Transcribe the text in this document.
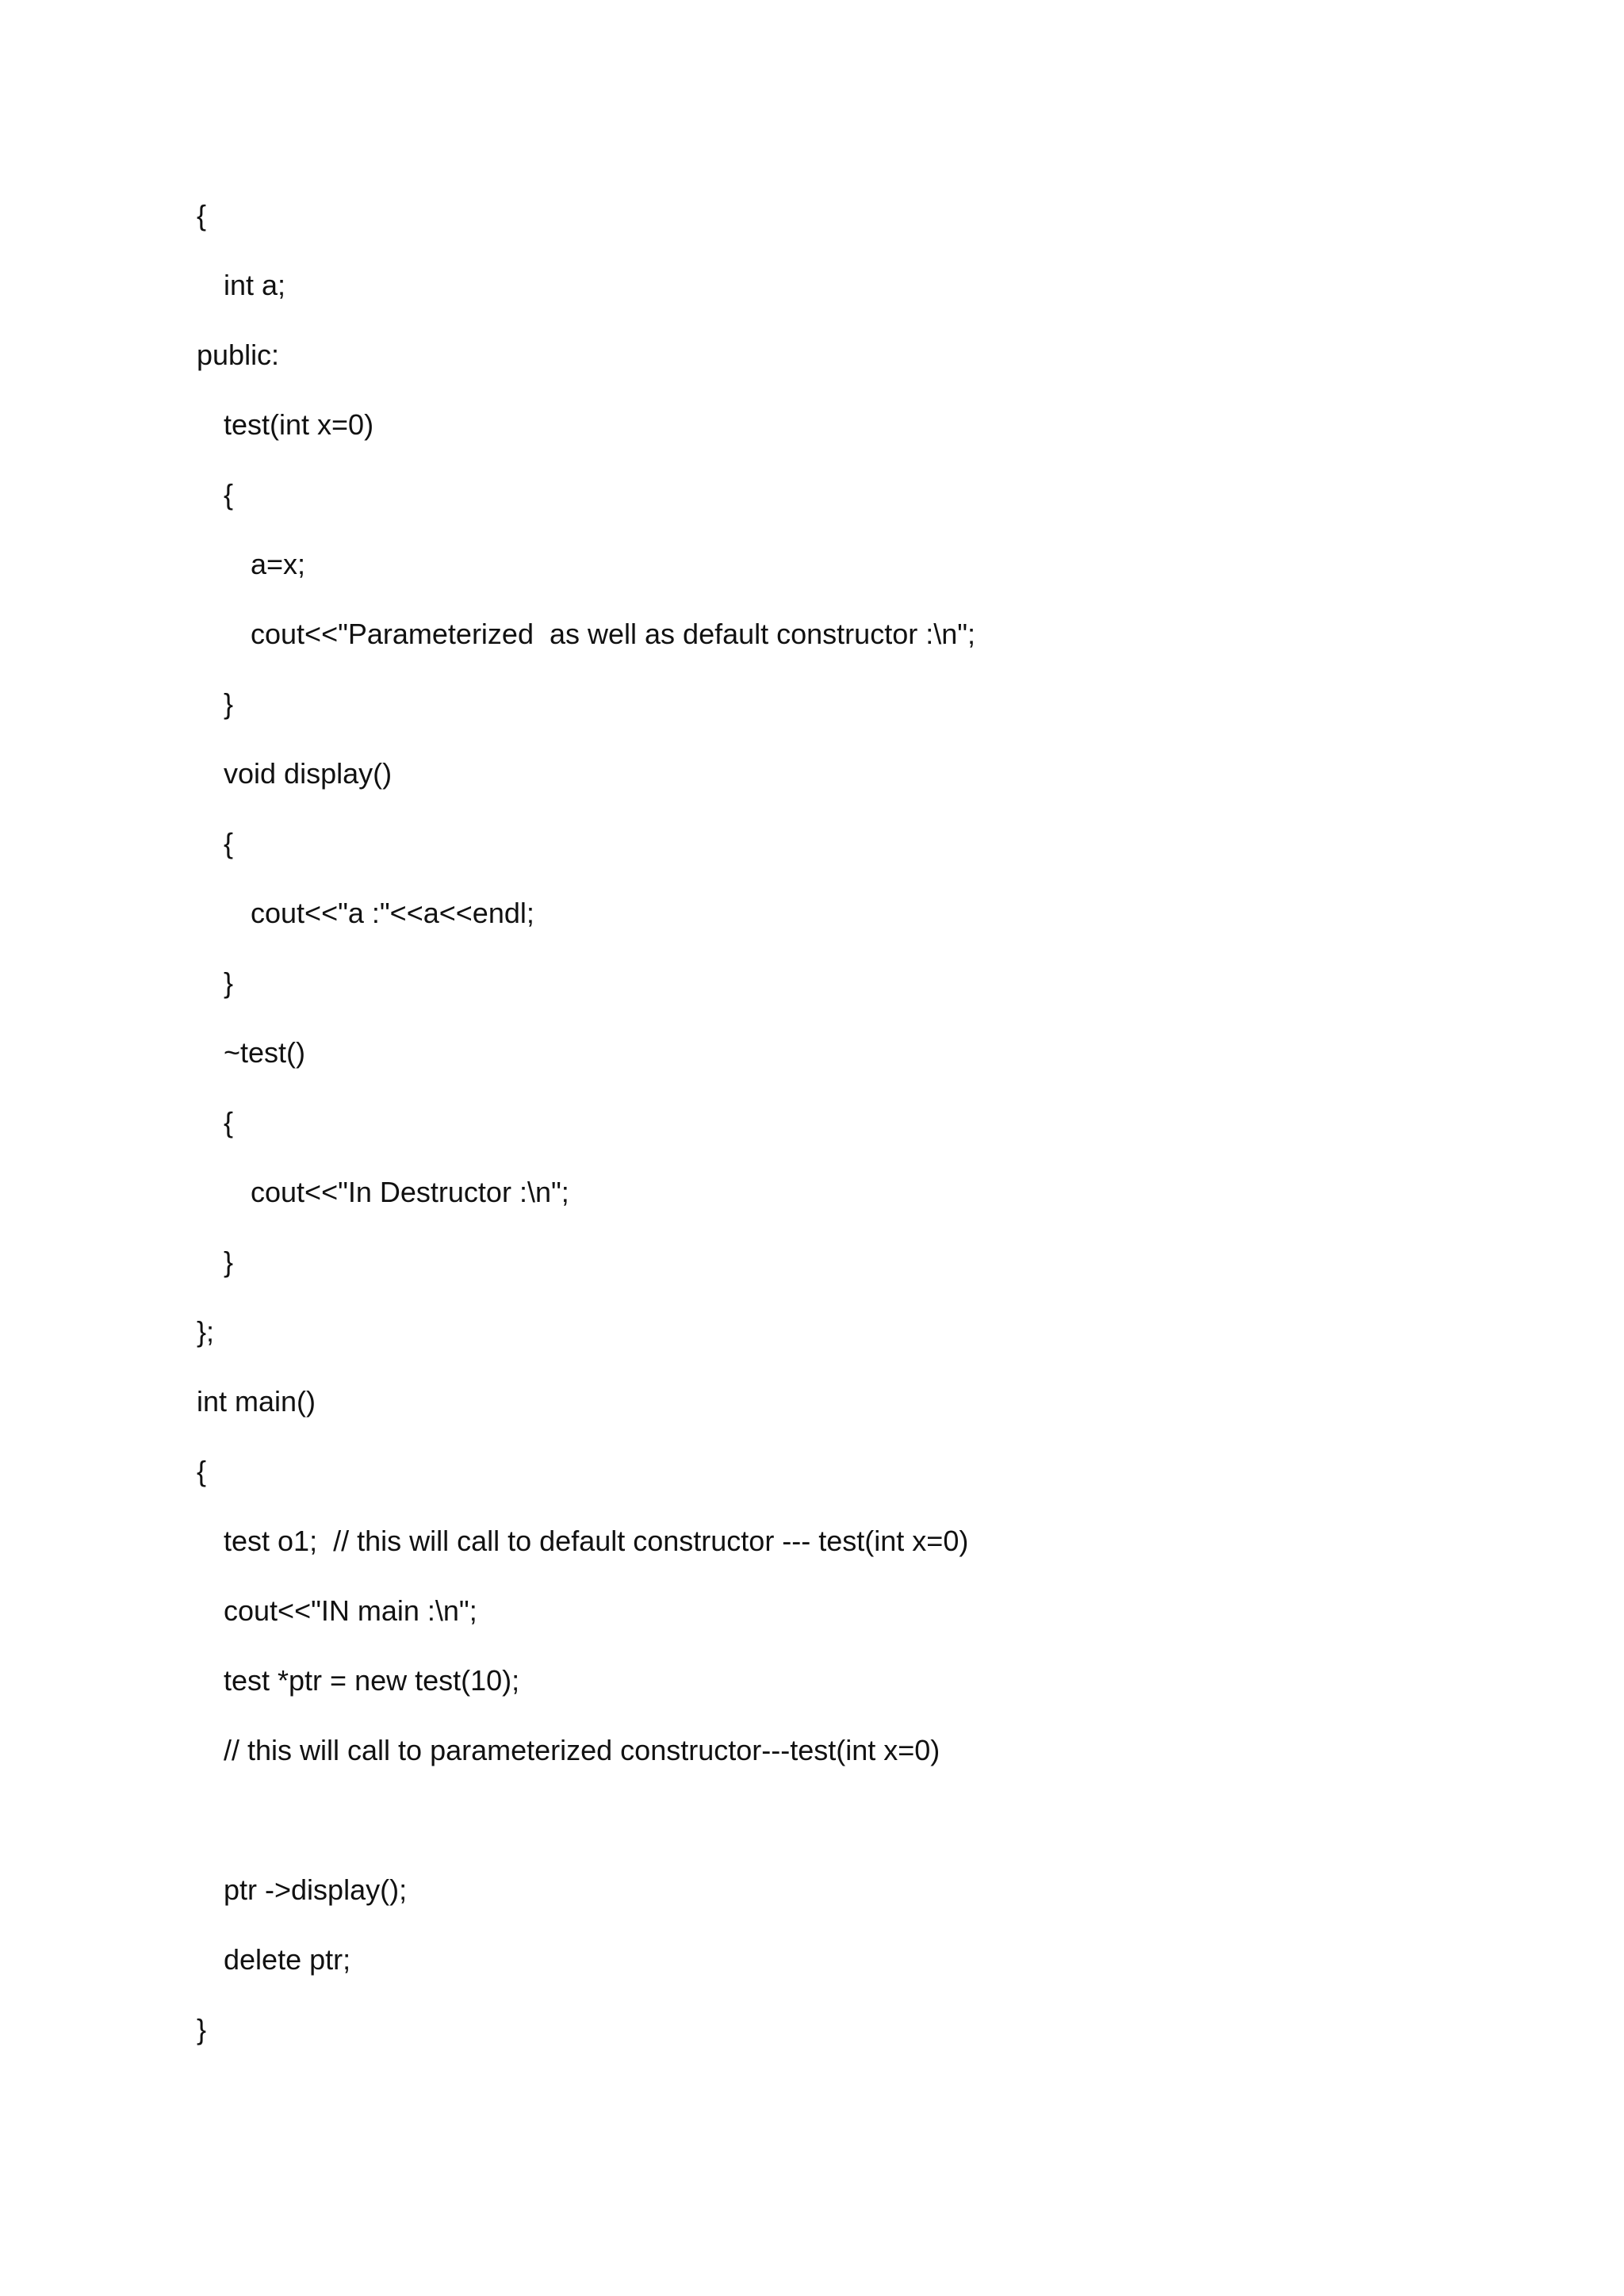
{
int a;
public:
test(int x=0)
{
a=x;
cout<<"Parameterized  as well as default constructor :\n";
}
void display()
{
cout<<"a :"<<a<<endl;
}
~test()
{
cout<<"In Destructor :\n";
}
};
int main()
{
test o1;  // this will call to default constructor --- test(int x=0)
cout<<"IN main :\n";
test *ptr = new test(10);
// this will call to parameterized constructor---test(int x=0)
ptr ->display();
delete ptr;
}
